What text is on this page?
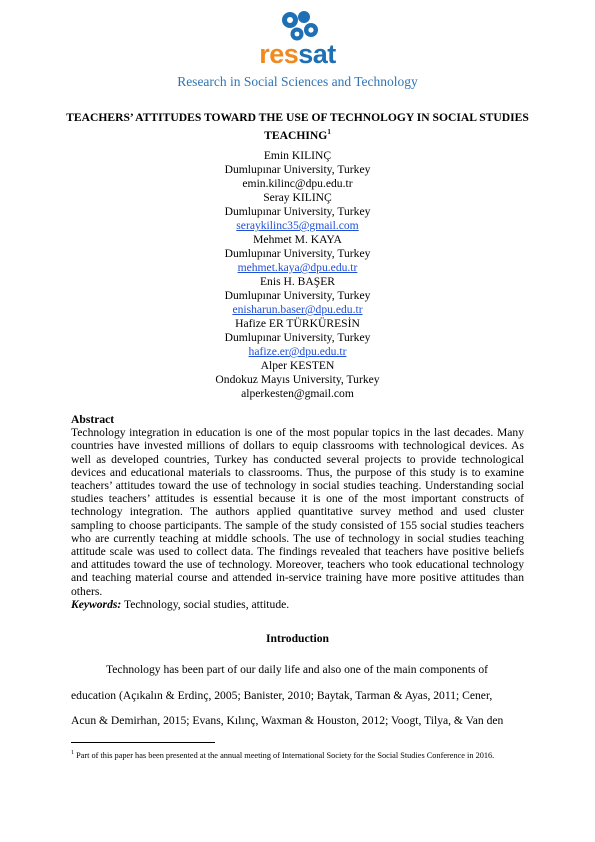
ressat
Research in Social Sciences and Technology
TEACHERS’ ATTITUDES TOWARD THE USE OF TECHNOLOGY IN SOCIAL STUDIES TEACHING$^1$
Emin KILINÇ
Dumlupınar University, Turkey
emin.kilinc@dpu.edu.tr
Seray KILINÇ
Dumlupınar University, Turkey
seraykilinc35@gmail.com
Mehmet M. KAYA
Dumlupınar University, Turkey
mehmet.kaya@dpu.edu.tr
Enis H. BAŞER
Dumlupınar University, Turkey
enisharun.baser@dpu.edu.tr
Hafize ER TÜRKÜRESİN
Dumlupınar University, Turkey
hafize.er@dpu.edu.tr
Alper KESTEN
Ondokuz Mayıs University, Turkey
alperkesten@gmail.com
Abstract
Technology integration in education is one of the most popular topics in the last decades. Many countries have invested millions of dollars to equip classrooms with technological devices. As well as developed countries, Turkey has conducted several projects to provide technological devices and educational materials to classrooms. Thus, the purpose of this study is to examine teachers’ attitudes toward the use of technology in social studies teaching. Understanding social studies teachers’ attitudes is essential because it is one of the most important constructs of technology integration. The authors applied quantitative survey method and used cluster sampling to choose participants. The sample of the study consisted of 155 social studies teachers who are currently teaching at middle schools. The use of technology in social studies teaching attitude scale was used to collect data. The findings revealed that teachers have positive beliefs and attitudes toward the use of technology. Moreover, teachers who took educational technology and teaching material course and attended in-service training have more positive attitudes than others.
Keywords: Technology, social studies, attitude.
Introduction
Technology has been part of our daily life and also one of the main components of
education (Açıkalın & Erdinç, 2005; Banister, 2010; Baytak, Tarman & Ayas, 2011; Cener,
Acun & Demirhan, 2015; Evans, Kılınç, Waxman & Houston, 2012; Voogt, Tilya, & Van den
$^1$ Part of this paper has been presented at the annual meeting of International Society for the Social Studies Conference in 2016.
